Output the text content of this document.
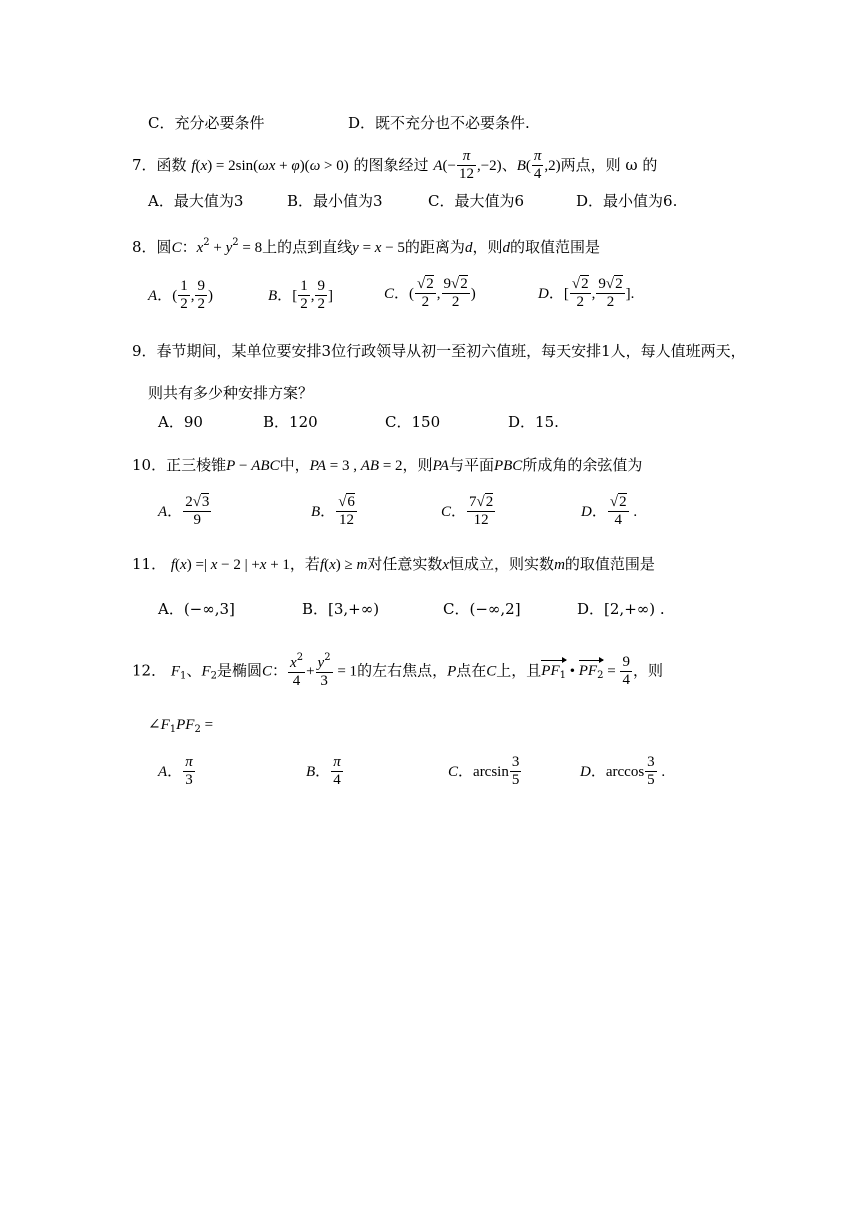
C．充分必要条件	D．既不充分也不必要条件.
7．函数 f(x) = 2sin(ωx + φ)(ω > 0) 的图象经过 $A(- \frac{\pi}{12} ,-2)$、$B( \frac{\pi}{4} ,2)$两点，则 ω 的
A．最大值为3	B．最小值为3	C．最大值为6	D．最小值为6.
8．圆C：$x^2 + y^2 = 8$上的点到直线y = x − 5的距离为d，则d的取值范围是
A．( $\frac{1}{2}$ , $\frac{9}{2}$ )	B．[ $\frac{1}{2}$ , $\frac{9}{2}$ ]	C．( $\frac{√2}{2}$ , $\frac{9√2}{2}$ )	D．[ $\frac{√2}{2}$ , $\frac{9√2}{2}$ ].
9．春节期间，某单位要安排3位行政领导从初一至初六值班，每天安排1人，每人值班两天，
则共有多少种安排方案？
A．90	B．120	C．150	D．15.
10．正三棱锥P − ABC中，PA = 3 , AB = 2，则PA与平面PBC所成角的余弦值为
A． $\frac{2√3}{9}$	B． $\frac{√6}{12}$	C． $\frac{7√2}{12}$	D． $\frac{√2}{4}$ .
11． f(x) =| x − 2 | +x + 1，若f(x) ≥ m对任意实数x恒成立，则实数m的取值范围是
A．(−∞,3]	B．[3,+∞)	C．(−∞,2]	D．[2,+∞) .
12． $F_1$、$F_2$是椭圆C： $\frac{x^2}{4} + \frac{y^2}{3} = 1$的左右焦点，P点在C上，且$PF_1$ • $PF_2 = \frac{9}{4}$ ，则
$\angle F_1PF_2$ =
A． $\frac{\pi}{3}$	B． $\frac{\pi}{4}$	C．$\arcsin \frac{3}{5}$	D．$\arccos \frac{3}{5}$ .
